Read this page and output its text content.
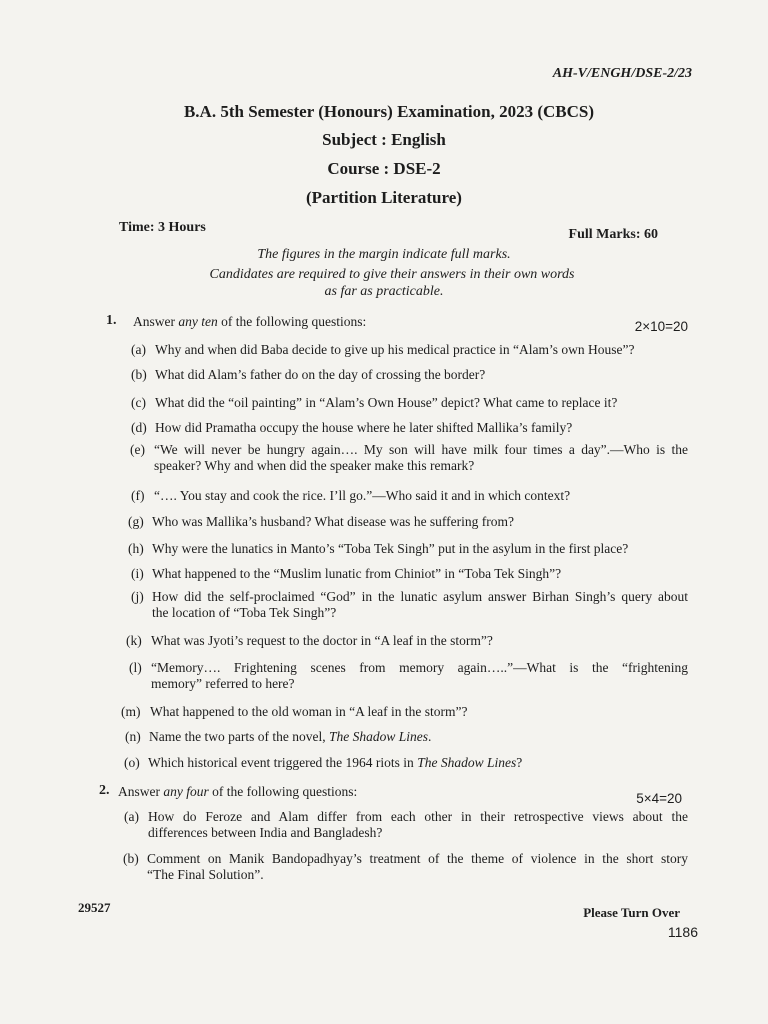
AH-V/ENGH/DSE-2/23
B.A. 5th Semester (Honours) Examination, 2023 (CBCS)
Subject : English
Course : DSE-2
(Partition Literature)
Time: 3 Hours	Full Marks: 60
The figures in the margin indicate full marks.
Candidates are required to give their answers in their own words
as far as practicable.
1. Answer any ten of the following questions:	2×10=20
(a) Why and when did Baba decide to give up his medical practice in “Alam’s own House”?
(b) What did Alam’s father do on the day of crossing the border?
(c) What did the “oil painting” in “Alam’s Own House” depict? What came to replace it?
(d) How did Pramatha occupy the house where he later shifted Mallika’s family?
(e) “We will never be hungry again…. My son will have milk four times a day”.—Who is the
speaker? Why and when did the speaker make this remark?
(f) “…. You stay and cook the rice. I’ll go.”—Who said it and in which context?
(g) Who was Mallika’s husband? What disease was he suffering from?
(h) Why were the lunatics in Manto’s “Toba Tek Singh” put in the asylum in the first place?
(i) What happened to the “Muslim lunatic from Chiniot” in “Toba Tek Singh”?
(j) How did the self-proclaimed “God” in the lunatic asylum answer Birhan Singh’s query about
the location of “Toba Tek Singh”?
(k) What was Jyoti’s request to the doctor in “A leaf in the storm”?
(l) “Memory…. Frightening scenes from memory again…..”—What is the “frightening
memory” referred to here?
(m) What happened to the old woman in “A leaf in the storm”?
(n) Name the two parts of the novel, The Shadow Lines.
(o) Which historical event triggered the 1964 riots in The Shadow Lines?
2. Answer any four of the following questions:	5×4=20
(a) How do Feroze and Alam differ from each other in their retrospective views about the
differences between India and Bangladesh?
(b) Comment on Manik Bandopadhyay’s treatment of the theme of violence in the short story
“The Final Solution”.
29527	Please Turn Over
1186
